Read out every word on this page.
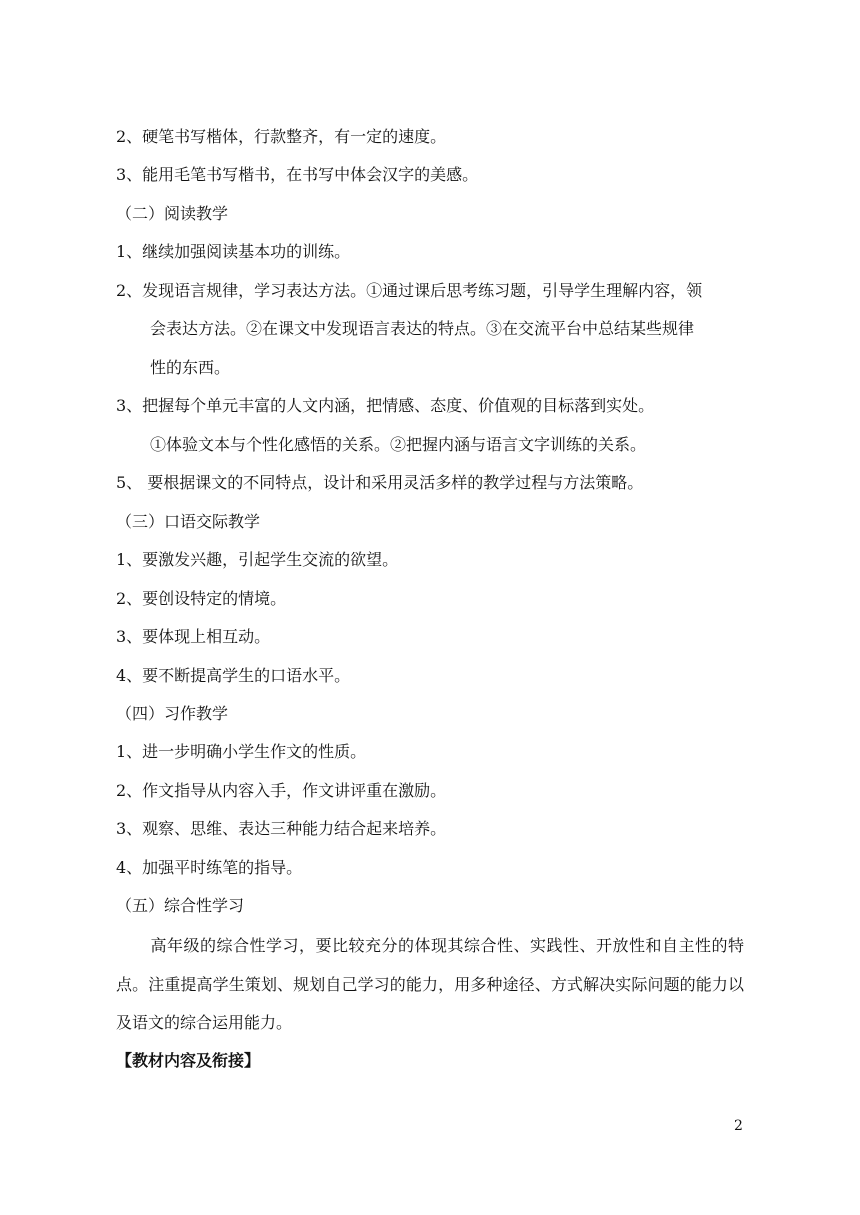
2、硬笔书写楷体，行款整齐，有一定的速度。
3、能用毛笔书写楷书，在书写中体会汉字的美感。
（二）阅读教学
1、继续加强阅读基本功的训练。
2、发现语言规律，学习表达方法。①通过课后思考练习题，引导学生理解内容，领
会表达方法。②在课文中发现语言表达的特点。③在交流平台中总结某些规律
性的东西。
3、把握每个单元丰富的人文内涵，把情感、态度、价值观的目标落到实处。
①体验文本与个性化感悟的关系。②把握内涵与语言文字训练的关系。
5、 要根据课文的不同特点，设计和采用灵活多样的教学过程与方法策略。
（三）口语交际教学
1、要激发兴趣，引起学生交流的欲望。
2、要创设特定的情境。
3、要体现上相互动。
4、要不断提高学生的口语水平。
（四）习作教学
1、进一步明确小学生作文的性质。
2、作文指导从内容入手，作文讲评重在激励。
3、观察、思维、表达三种能力结合起来培养。
4、加强平时练笔的指导。
（五）综合性学习
高年级的综合性学习，要比较充分的体现其综合性、实践性、开放性和自主性的特点。注重提高学生策划、规划自己学习的能力，用多种途径、方式解决实际问题的能力以及语文的综合运用能力。
【教材内容及衔接】
2
